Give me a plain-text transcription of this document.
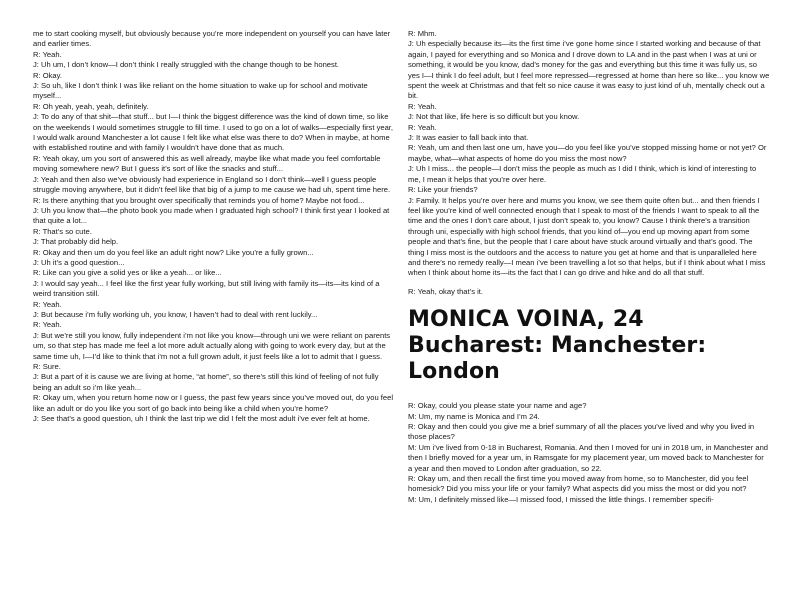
me to start cooking myself, but obviously because you’re more independent on yourself you can have later and earlier times.

R: Yeah.

J: Uh um, I don’t know—I don’t think I really struggled with the change though to be honest.

R: Okay.

J: So uh, like I don’t think I was like reliant on the home situation to wake up for school and motivate myself...

R: Oh yeah, yeah, yeah, definitely.

J: To do any of that shit—that stuff... but I—I think the biggest difference was the kind of down time, so like on the weekends I would sometimes struggle to fill time. I used to go on a lot of walks—especially first year, I would walk around Manchester a lot cause I felt like what else was there to do? When in maybe, at home with established routine and with family I wouldn’t have done that as much.

R: Yeah okay, um you sort of answered this as well already, maybe like what made you feel comfortable moving somewhere new? But I guess it’s sort of like the snacks and stuff...

J: Yeah and then also we’ve obviously had experience in England so I don’t think—well I guess people struggle moving anywhere, but it didn’t feel like that big of a jump to me cause we had uh, spent time here.

R: Is there anything that you brought over specifically that reminds you of home? Maybe not food...

J: Uh you know that—the photo book you made when I graduated high school? I think first year I looked at that quite a lot...

R: That’s so cute.

J: That probably did help.

R: Okay and then um do you feel like an adult right now? Like you’re a fully grown...

J: Uh it’s a good question...

R: Like can you give a solid yes or like a yeah... or like...

J: I would say yeah... I feel like the first year fully working, but still living with family its—its—its kind of a weird transition still.

R: Yeah.

J: But because i’m fully working uh, you know, I haven’t had to deal with rent luckily...

R: Yeah.

J: But we’re still you know, fully independent i’m not like you know—through uni we were reliant on parents um, so that step has made me feel a lot more adult actually along with going to work every day, but at the same time uh, I—I’d like to think that i’m not a full grown adult, it just feels like a lot to admit that I guess.

R: Sure.

J: But a part of it is cause we are living at home, “at home”, so there’s still this kind of feeling of not fully being an adult so i’m like yeah...

R: Okay um, when you return home now or I guess, the past few years since you’ve moved out, do you feel like an adult or do you like you sort of go back into being like a child when you’re home?

J: See that’s a good question, uh I think the last trip we did I felt the most adult i’ve ever felt at home.

R: Mhm.

J: Uh especially because its—its the first time i’ve gone home since I started working and because of that again, I payed for everything and so Monica and I drove down to LA and in the past when I was at uni or something, it would be you know, dad’s money for the gas and everything but this time it was fully us, so yes I—I think I do feel adult, but I feel more repressed—regressed at home than here so like... you know we spent the week at Christmas and that felt so nice cause it was easy to just kind of uh, mentally check out a bit.

R: Yeah.

J: Not that like, life here is so difficult but you know.

R: Yeah.

J: It was easier to fall back into that.

R: Yeah, um and then last one um, have you—do you feel like you’ve stopped missing home or not yet? Or maybe, what—what aspects of home do you miss the most now?

J: Uh I miss... the people—I don’t miss the people as much as I did I think, which is kind of interesting to me, I mean it helps that you’re over here.

R: Like your friends?

J: Family. It helps you’re over here and mums you know, we see them quite often but... and then friends I feel like you’re kind of well connected enough that I speak to most of the friends I want to speak to all the time and the ones I don’t care about, I just don’t speak to, you know? Cause I think there’s a transition through uni, especially with high school friends, that you kind of—you end up moving apart from some people and that’s fine, but the people that I care about have stuck around virtually and that’s good. The thing I miss most is the outdoors and the access to nature you get at home and that is unparalleled here and there’s no remedy really—I mean i’ve been travelling a lot so that helps, but if I think about what I miss when I think about home its—its the fact that I can go drive and hike and do all that stuff.

R: Yeah, okay that’s it.

MONICA VOINA, 24
Bucharest: Manchester: London

R: Okay, could you please state your name and age?

M: Um, my name is Monica and I’m 24.

R: Okay and then could you give me a brief summary of all the places you’ve lived and why you lived in those places?

M: Um i’ve lived from 0-18 in Bucharest, Romania. And then I moved for uni in 2018 um, in Manchester and then I briefly moved for a year um, in Ramsgate for my placement year, um moved back to Manchester for a year and then moved to London after graduation, so 22.

R: Okay um, and then recall the first time you moved away from home, so to Manchester, did you feel homesick? Did you miss your life or your family? What aspects did you miss the most or did you not?

M: Um, I definitely missed like—I missed food, I missed the little things. I remember specifi-
